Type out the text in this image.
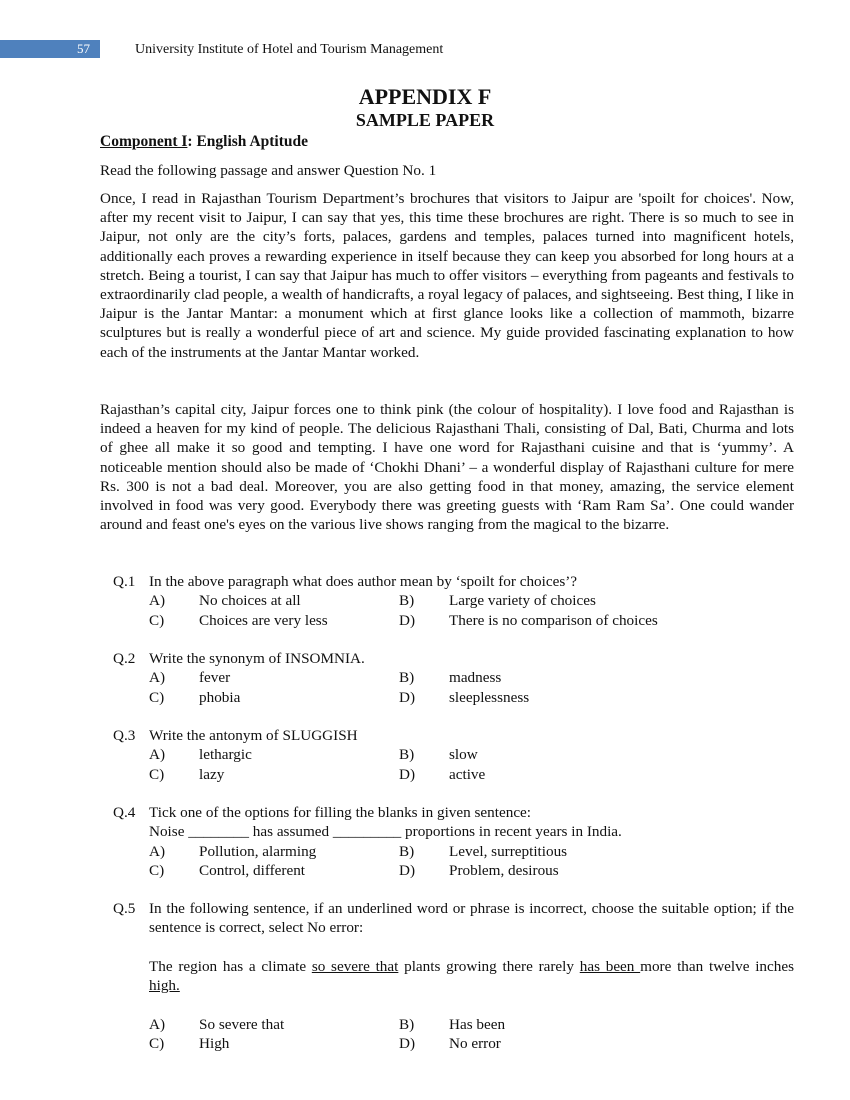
57	University Institute of Hotel and Tourism Management
APPENDIX F
SAMPLE PAPER
Component I: English Aptitude
Read the following passage and answer Question No. 1

Once, I read in Rajasthan Tourism Department’s brochures that visitors to Jaipur are 'spoilt for choices'. Now, after my recent visit to Jaipur, I can say that yes, this time these brochures are right. There is so much to see in Jaipur, not only are the city’s forts, palaces, gardens and temples, palaces turned into magnificent hotels, additionally each proves a rewarding experience in itself because they can keep you absorbed for long hours at a stretch. Being a tourist, I can say that Jaipur has much to offer visitors – everything from pageants and festivals to extraordinarily clad people, a wealth of handicrafts, a royal legacy of palaces, and sightseeing. Best thing, I like in Jaipur is the Jantar Mantar: a monument which at first glance looks like a collection of mammoth, bizarre sculptures but is really a wonderful piece of art and science. My guide provided fascinating explanation to how each of the instruments at the Jantar Mantar worked.

Rajasthan’s capital city, Jaipur forces one to think pink (the colour of hospitality). I love food and Rajasthan is indeed a heaven for my kind of people. The delicious Rajasthani Thali, consisting of Dal, Bati, Churma and lots of ghee all make it so good and tempting. I have one word for Rajasthani cuisine and that is ‘yummy’. A noticeable mention should also be made of ‘Chokhi Dhani’ – a wonderful display of Rajasthani culture for mere Rs. 300 is not a bad deal. Moreover, you are also getting food in that money, amazing, the service element involved in food was very good. Everybody there was greeting guests with ‘Ram Ram Sa’. One could wander around and feast one's eyes on the various live shows ranging from the magical to the bizarre.

Q.1 In the above paragraph what does author mean by ‘spoilt for choices’?
A) No choices at all	B) Large variety of choices
C) Choices are very less	D) There is no comparison of choices
Q.2 Write the synonym of INSOMNIA.
A) fever	B) madness
C) phobia	D) sleeplessness
Q.3 Write the antonym of SLUGGISH
A) lethargic	B) slow
C) lazy	D) active
Q.4 Tick one of the options for filling the blanks in given sentence:
Noise ________ has assumed _________ proportions in recent years in India.
A) Pollution, alarming	B) Level, surreptitious
C) Control, different	D) Problem, desirous
Q.5 In the following sentence, if an underlined word or phrase is incorrect, choose the suitable option; if the sentence is correct, select No error:
The region has a climate so severe that plants growing there rarely has been more than twelve inches high.
A) So severe that	B) Has been
C) High	D) No error
